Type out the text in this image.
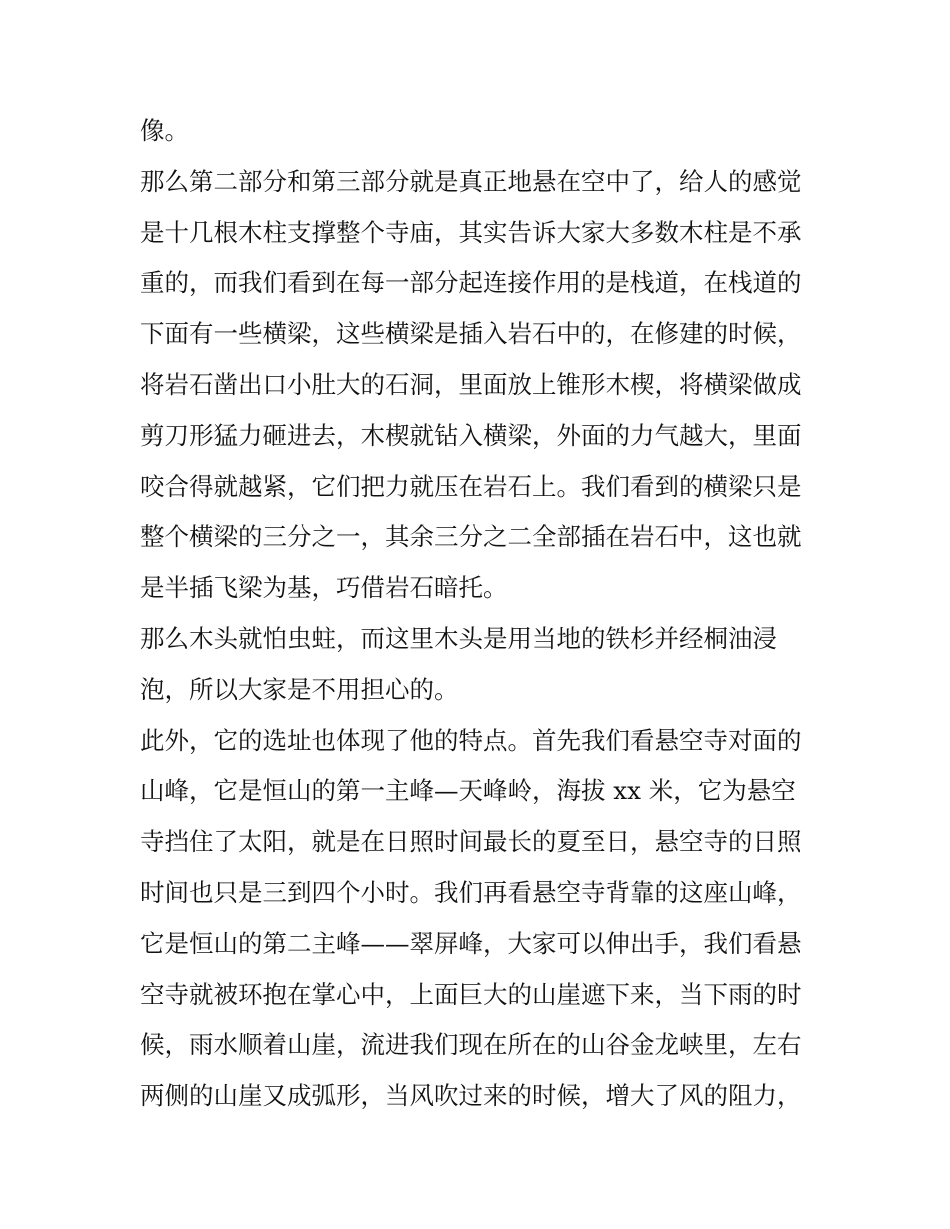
像。
那么第二部分和第三部分就是真正地悬在空中了，给人的感觉
是十几根木柱支撑整个寺庙，其实告诉大家大多数木柱是不承
重的，而我们看到在每一部分起连接作用的是栈道，在栈道的
下面有一些横梁，这些横梁是插入岩石中的，在修建的时候，
将岩石凿出口小肚大的石洞，里面放上锥形木楔，将横梁做成
剪刀形猛力砸进去，木楔就钻入横梁，外面的力气越大，里面
咬合得就越紧，它们把力就压在岩石上。我们看到的横梁只是
整个横梁的三分之一，其余三分之二全部插在岩石中，这也就
是半插飞梁为基，巧借岩石暗托。
那么木头就怕虫蛀，而这里木头是用当地的铁杉并经桐油浸
泡，所以大家是不用担心的。
此外，它的选址也体现了他的特点。首先我们看悬空寺对面的
山峰，它是恒山的第一主峰—天峰岭，海拔 xx 米，它为悬空
寺挡住了太阳，就是在日照时间最长的夏至日，悬空寺的日照
时间也只是三到四个小时。我们再看悬空寺背靠的这座山峰，
它是恒山的第二主峰——翠屏峰，大家可以伸出手，我们看悬
空寺就被环抱在掌心中，上面巨大的山崖遮下来，当下雨的时
候，雨水顺着山崖，流进我们现在所在的山谷金龙峡里，左右
两侧的山崖又成弧形，当风吹过来的时候，增大了风的阻力，
